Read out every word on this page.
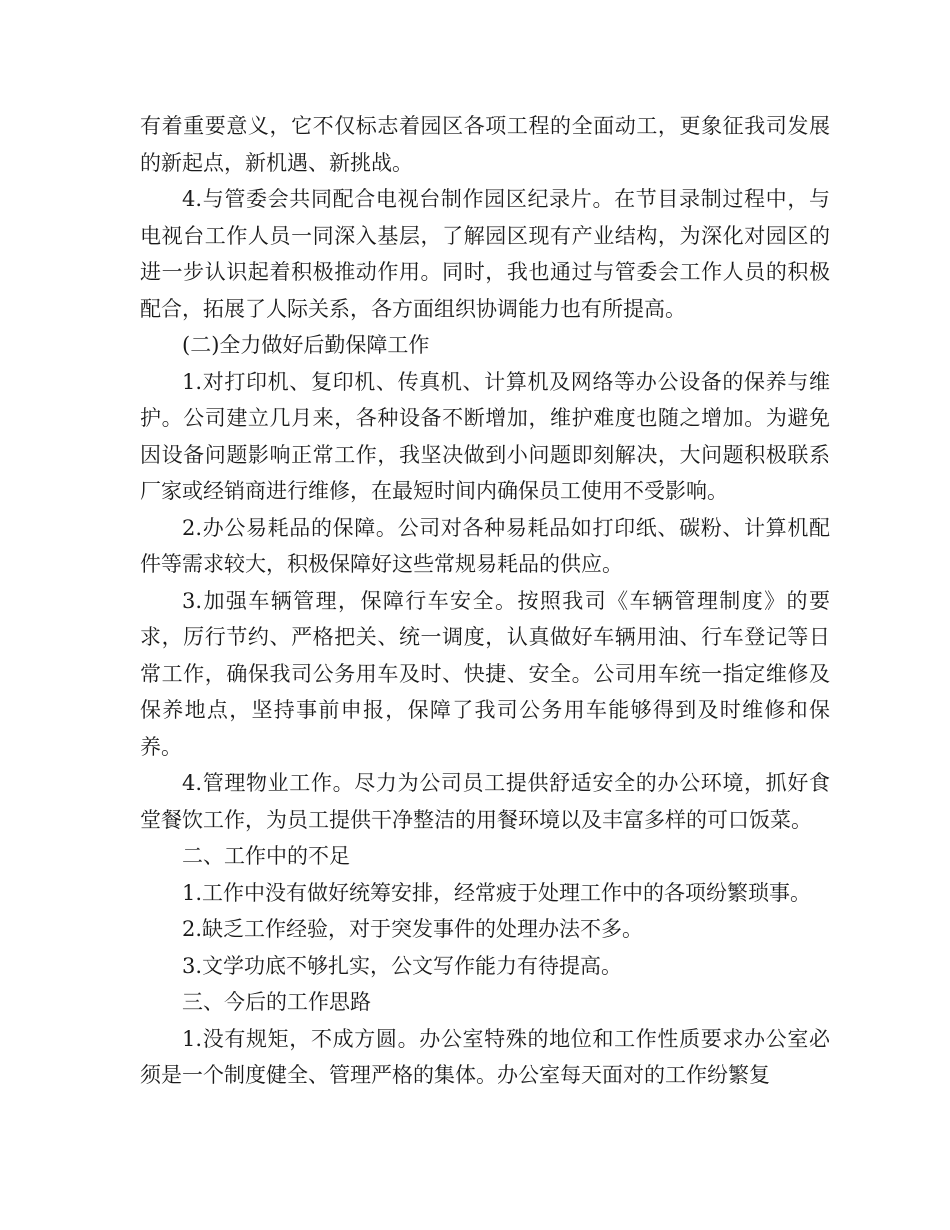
有着重要意义，它不仅标志着园区各项工程的全面动工，更象征我司发展的新起点，新机遇、新挑战。

4.与管委会共同配合电视台制作园区纪录片。在节目录制过程中，与电视台工作人员一同深入基层，了解园区现有产业结构，为深化对园区的进一步认识起着积极推动作用。同时，我也通过与管委会工作人员的积极配合，拓展了人际关系，各方面组织协调能力也有所提高。

(二)全力做好后勤保障工作

1.对打印机、复印机、传真机、计算机及网络等办公设备的保养与维护。公司建立几月来，各种设备不断增加，维护难度也随之增加。为避免因设备问题影响正常工作，我坚决做到小问题即刻解决，大问题积极联系厂家或经销商进行维修，在最短时间内确保员工使用不受影响。

2.办公易耗品的保障。公司对各种易耗品如打印纸、碳粉、计算机配件等需求较大，积极保障好这些常规易耗品的供应。

3.加强车辆管理，保障行车安全。按照我司《车辆管理制度》的要求，厉行节约、严格把关、统一调度，认真做好车辆用油、行车登记等日常工作，确保我司公务用车及时、快捷、安全。公司用车统一指定维修及保养地点，坚持事前申报，保障了我司公务用车能够得到及时维修和保养。

4.管理物业工作。尽力为公司员工提供舒适安全的办公环境，抓好食堂餐饮工作，为员工提供干净整洁的用餐环境以及丰富多样的可口饭菜。

二、工作中的不足

1.工作中没有做好统筹安排，经常疲于处理工作中的各项纷繁琐事。

2.缺乏工作经验，对于突发事件的处理办法不多。

3.文学功底不够扎实，公文写作能力有待提高。

三、今后的工作思路

1.没有规矩，不成方圆。办公室特殊的地位和工作性质要求办公室必须是一个制度健全、管理严格的集体。办公室每天面对的工作纷繁复
